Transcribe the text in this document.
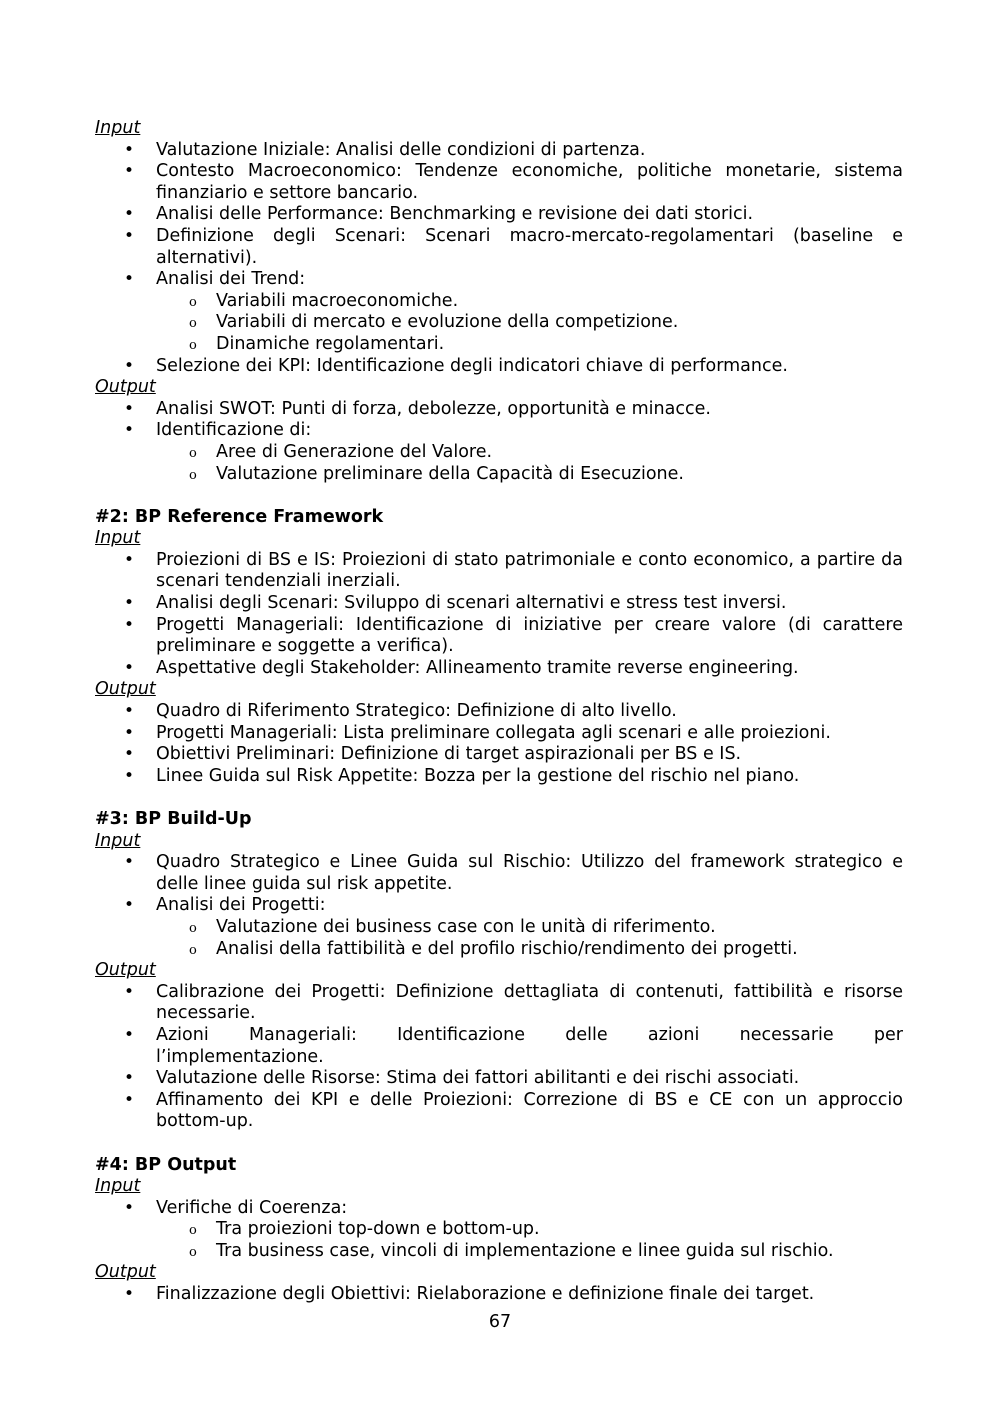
Input

• Valutazione Iniziale: Analisi delle condizioni di partenza.
• Contesto Macroeconomico: Tendenze economiche, politiche monetarie, sistema finanziario e settore bancario.
• Analisi delle Performance: Benchmarking e revisione dei dati storici.
• Definizione degli Scenari: Scenari macro-mercato-regolamentari (baseline e alternativi).
• Analisi dei Trend:
o Variabili macroeconomiche.
o Variabili di mercato e evoluzione della competizione.
o Dinamiche regolamentari.
• Selezione dei KPI: Identificazione degli indicatori chiave di performance.

Output

• Analisi SWOT: Punti di forza, debolezze, opportunità e minacce.
• Identificazione di:
o Aree di Generazione del Valore.
o Valutazione preliminare della Capacità di Esecuzione.

#2: BP Reference Framework

Input

• Proiezioni di BS e IS: Proiezioni di stato patrimoniale e conto economico, a partire da scenari tendenziali inerziali.
• Analisi degli Scenari: Sviluppo di scenari alternativi e stress test inversi.
• Progetti Manageriali: Identificazione di iniziative per creare valore (di carattere preliminare e soggette a verifica).
• Aspettative degli Stakeholder: Allineamento tramite reverse engineering.

Output

• Quadro di Riferimento Strategico: Definizione di alto livello.
• Progetti Manageriali: Lista preliminare collegata agli scenari e alle proiezioni.
• Obiettivi Preliminari: Definizione di target aspirazionali per BS e IS.
• Linee Guida sul Risk Appetite: Bozza per la gestione del rischio nel piano.

#3: BP Build-Up

Input

• Quadro Strategico e Linee Guida sul Rischio: Utilizzo del framework strategico e delle linee guida sul risk appetite.
• Analisi dei Progetti:
o Valutazione dei business case con le unità di riferimento.
o Analisi della fattibilità e del profilo rischio/rendimento dei progetti.

Output

• Calibrazione dei Progetti: Definizione dettagliata di contenuti, fattibilità e risorse necessarie.
• Azioni Manageriali: Identificazione delle azioni necessarie per
l’implementazione.
• Valutazione delle Risorse: Stima dei fattori abilitanti e dei rischi associati.
• Affinamento dei KPI e delle Proiezioni: Correzione di BS e CE con un approccio bottom-up.

#4: BP Output

Input

• Verifiche di Coerenza:
o Tra proiezioni top-down e bottom-up.
o Tra business case, vincoli di implementazione e linee guida sul rischio.

Output

• Finalizzazione degli Obiettivi: Rielaborazione e definizione finale dei target.
67
